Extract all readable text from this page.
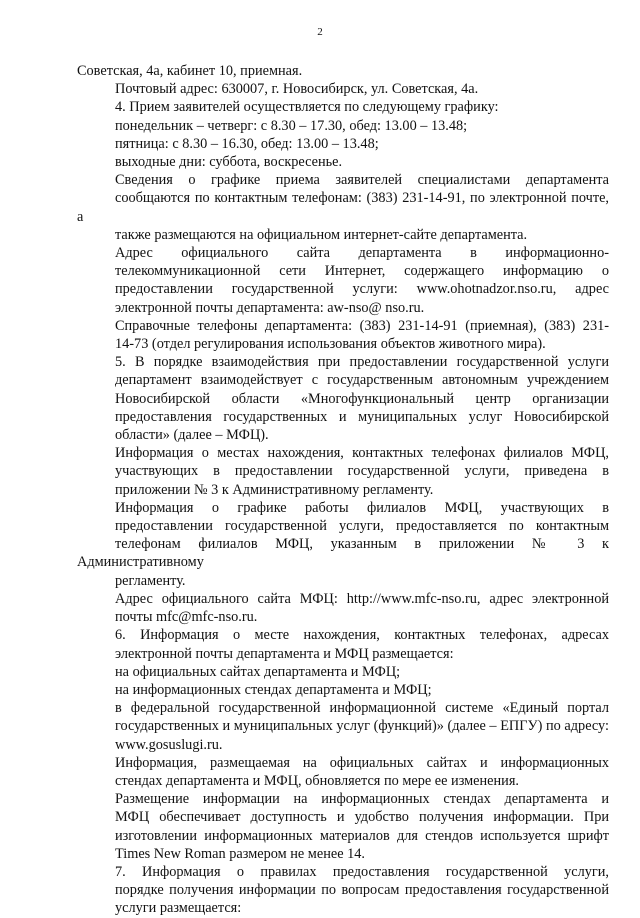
2

Советская, 4а, кабинет 10, приемная.

Почтовый адрес: 630007, г. Новосибирск, ул. Советская, 4а.

4. Прием заявителей осуществляется по следующему графику:

понедельник – четверг: с 8.30 – 17.30, обед: 13.00 – 13.48;

пятница: с 8.30 – 16.30, обед: 13.00 – 13.48;

выходные дни: суббота, воскресенье.

Сведения о графике приема заявителей специалистами департамента
сообщаются по контактным телефонам: (383) 231-14-91, по электронной почте, а
также размещаются на официальном интернет-сайте департамента.

Адрес официального сайта департамента в информационно-
телекоммуникационной сети Интернет, содержащего информацию о
предоставлении государственной услуги: www.ohotnadzor.nso.ru, адрес
электронной почты департамента: aw-nso@ nso.ru.

Справочные телефоны департамента: (383) 231-14-91 (приемная), (383) 231-
14-73 (отдел регулирования использования объектов животного мира).

5. В порядке взаимодействия при предоставлении государственной услуги
департамент взаимодействует с государственным автономным учреждением
Новосибирской области «Многофункциональный центр организации
предоставления государственных и муниципальных услуг Новосибирской
области» (далее – МФЦ).

Информация о местах нахождения, контактных телефонах филиалов МФЦ,
участвующих в предоставлении государственной услуги, приведена в
приложении № 3 к Административному регламенту.

Информация о графике работы филиалов МФЦ, участвующих в
предоставлении государственной услуги, предоставляется по контактным
телефонам филиалов МФЦ, указанным в приложении № 3 к Административному
регламенту.

Адрес официального сайта МФЦ: http://www.mfc-nso.ru, адрес электронной
почты mfc@mfc-nso.ru.

6. Информация о месте нахождения, контактных телефонах, адресах
электронной почты департамента и МФЦ размещается:

на официальных сайтах департамента и МФЦ;

на информационных стендах департамента и МФЦ;

в федеральной государственной информационной системе «Единый портал
государственных и муниципальных услуг (функций)» (далее – ЕПГУ) по адресу:
www.gosuslugi.ru.

Информация, размещаемая на официальных сайтах и информационных
стендах департамента и МФЦ, обновляется по мере ее изменения.

Размещение информации на информационных стендах департамента и
МФЦ обеспечивает доступность и удобство получения информации. При
изготовлении информационных материалов для стендов используется шрифт
Times New Roman размером не менее 14.

7. Информация о правилах предоставления государственной услуги,
порядке получения информации по вопросам предоставления государственной
услуги размещается:
